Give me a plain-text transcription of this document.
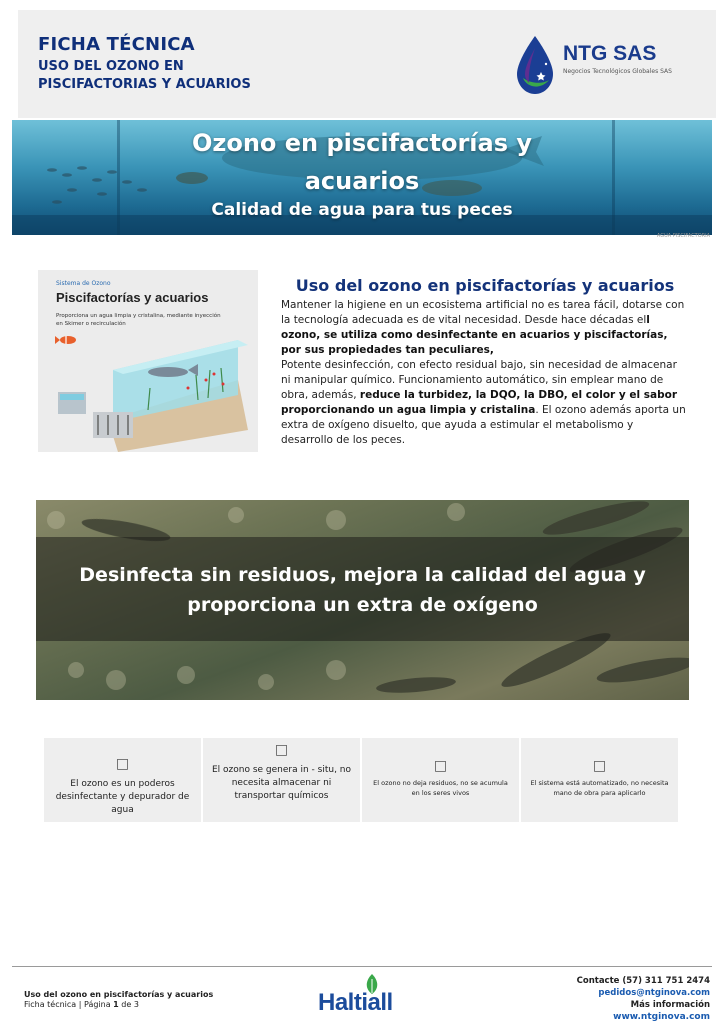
FICHA TÉCNICA
USO DEL OZONO EN
PISCIFACTORIAS Y ACUARIOS
NTG SAS
Negocios Tecnológicos Globales SAS
Ozono en piscifactorías y
acuarios
Calidad de agua para tus peces
AGUA PISCIFACTORIA
Sistema de Ozono
Piscifactorías y acuarios
Proporciona un agua limpia y cristalina, mediante inyección en Skimer o recirculación
Uso del ozono en piscifactorías y acuarios

Mantener la higiene en un ecosistema artificial no es tarea fácil, dotarse con la tecnología adecuada es de vital necesidad. Desde hace décadas ell ozono, se utiliza como desinfectante en acuarios y piscifactorías, por sus propiedades tan peculiares,

Potente desinfección, con efecto residual bajo, sin necesidad de almacenar ni manipular químico. Funcionamiento automático, sin emplear mano de obra, además, reduce la turbidez, la DQO, la DBO, el color y el sabor proporcionando un agua limpia y cristalina. El ozono además aporta un extra de oxígeno disuelto, que ayuda a estimular el metabolismo y desarrollo de los peces.

Desinfecta sin residuos, mejora la calidad del agua y
proporciona un extra de oxígeno
□
El ozono es un poderos desinfectante y depurador de agua
□
El ozono se genera in - situ, no necesita almacenar ni transportar químicos
□
El ozono no deja residuos, no se acumula en los seres vivos
□
El sistema está automatizado, no necesita mano de obra para aplicarlo
Uso del ozono en piscifactorías y acuarios
Ficha técnica | Página 1 de 3	Haltiall
Contacte (57) 311 751 2474
pedidos@ntginova.com
Más información
www.ntginova.com
